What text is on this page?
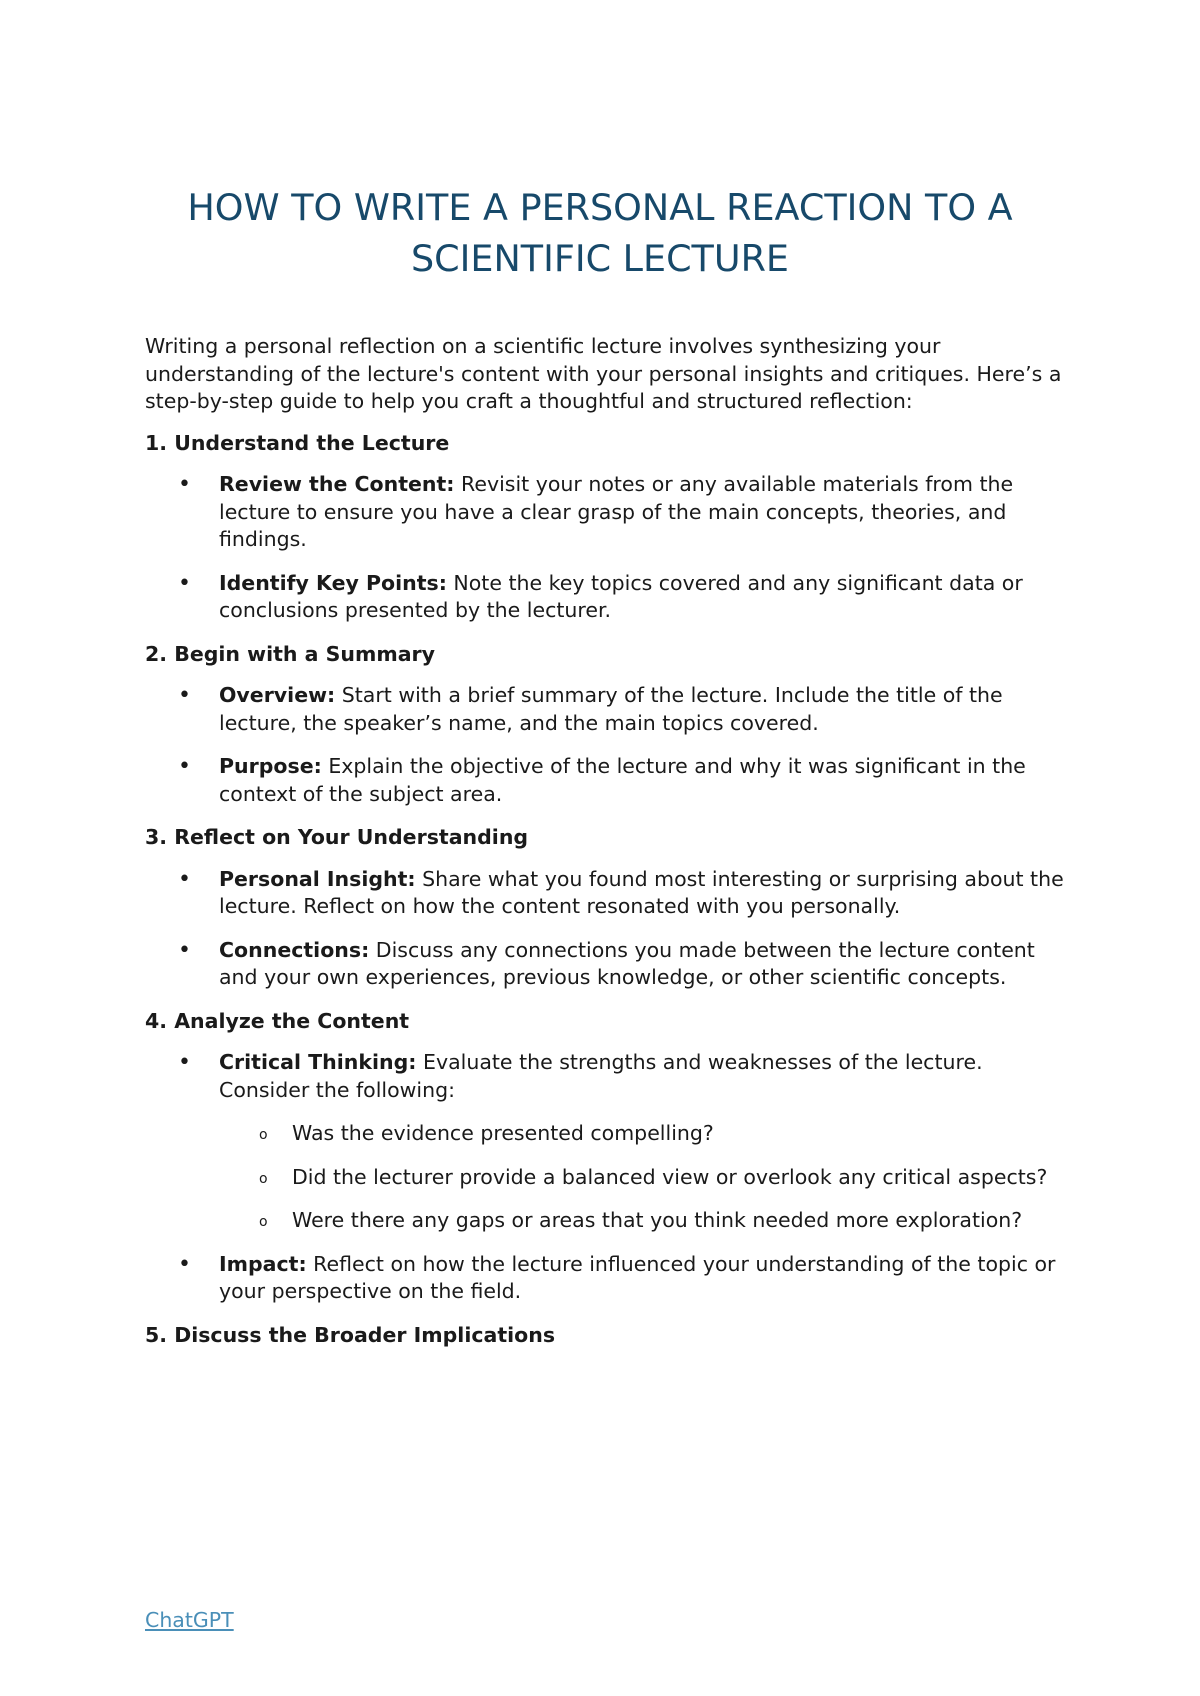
HOW TO WRITE A PERSONAL REACTION TO A SCIENTIFIC LECTURE

Writing a personal reflection on a scientific lecture involves synthesizing your understanding of the lecture's content with your personal insights and critiques. Here’s a step-by-step guide to help you craft a thoughtful and structured reflection:

1. Understand the Lecture

• Review the Content: Revisit your notes or any available materials from the lecture to ensure you have a clear grasp of the main concepts, theories, and findings.
• Identify Key Points: Note the key topics covered and any significant data or conclusions presented by the lecturer.

2. Begin with a Summary

• Overview: Start with a brief summary of the lecture. Include the title of the lecture, the speaker’s name, and the main topics covered.
• Purpose: Explain the objective of the lecture and why it was significant in the context of the subject area.

3. Reflect on Your Understanding

• Personal Insight: Share what you found most interesting or surprising about the lecture. Reflect on how the content resonated with you personally.
• Connections: Discuss any connections you made between the lecture content and your own experiences, previous knowledge, or other scientific concepts.

4. Analyze the Content

• Critical Thinking: Evaluate the strengths and weaknesses of the lecture. Consider the following:
o Was the evidence presented compelling?
o Did the lecturer provide a balanced view or overlook any critical aspects?
o Were there any gaps or areas that you think needed more exploration?
• Impact: Reflect on how the lecture influenced your understanding of the topic or your perspective on the field.

5. Discuss the Broader Implications

ChatGPT
